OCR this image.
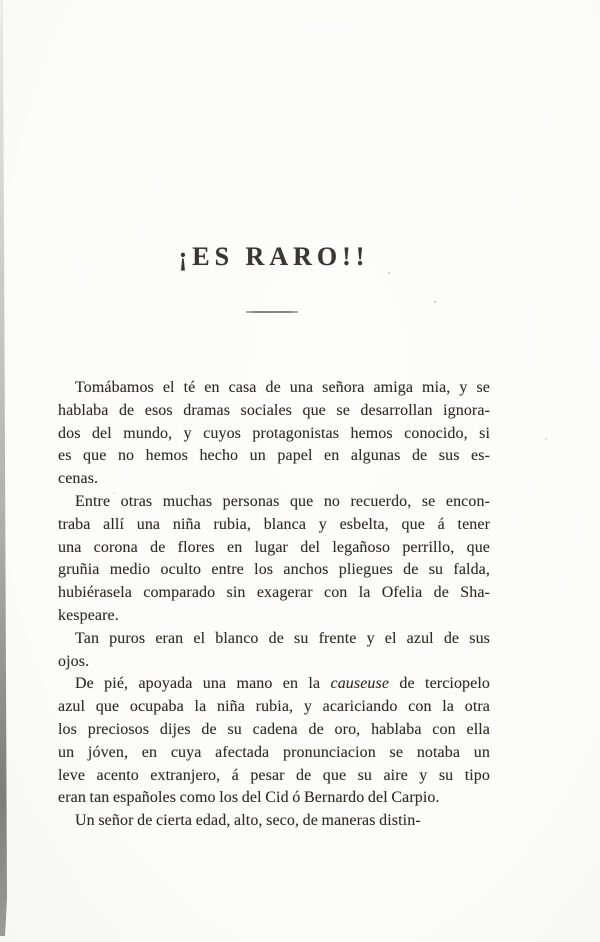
¡ES RARO!!
Tomábamos el té en casa de una señora amiga mia, y se
hablaba de esos dramas sociales que se desarrollan ignora-
dos del mundo, y cuyos protagonistas hemos conocido, si
es que no hemos hecho un papel en algunas de sus es-
cenas.
Entre otras muchas personas que no recuerdo, se encon-
traba allí una niña rubia, blanca y esbelta, que á tener
una corona de flores en lugar del legañoso perrillo, que
gruñia medio oculto entre los anchos pliegues de su falda,
hubiérasela comparado sin exagerar con la Ofelia de Sha-
kespeare.
Tan puros eran el blanco de su frente y el azul de sus
ojos.
De pié, apoyada una mano en la causeuse de terciopelo
azul que ocupaba la niña rubia, y acariciando con la otra
los preciosos dijes de su cadena de oro, hablaba con ella
un jóven, en cuya afectada pronunciacion se notaba un
leve acento extranjero, á pesar de que su aire y su tipo
eran tan españoles como los del Cid ó Bernardo del Carpio.
Un señor de cierta edad, alto, seco, de maneras distin-
